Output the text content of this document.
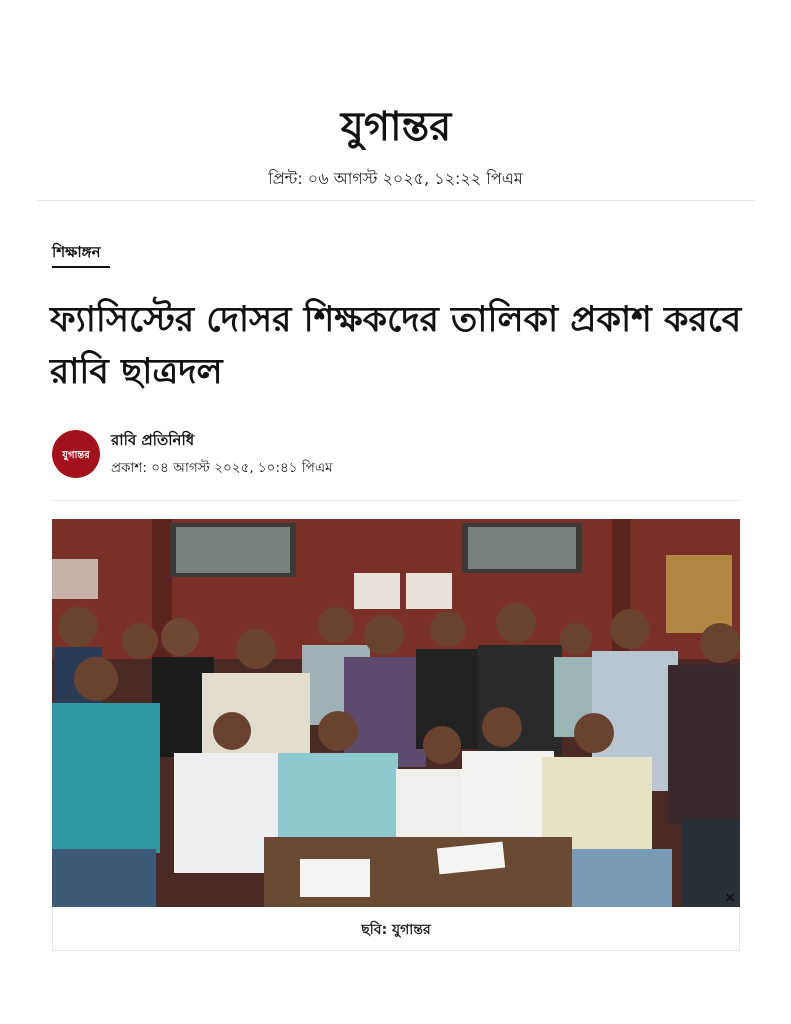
যুগান্তর
প্রিন্ট: ০৬ আগস্ট ২০২৫, ১২:২২ পিএম
শিক্ষাঙ্গন
ফ্যাসিস্টের দোসর শিক্ষকদের তালিকা প্রকাশ করবে রাবি ছাত্রদল
যুগান্তর
রাবি প্রতিনিধি
প্রকাশ: ০৪ আগস্ট ২০২৫, ১০:৪১ পিএম
×
ছবি: যুগান্তর
